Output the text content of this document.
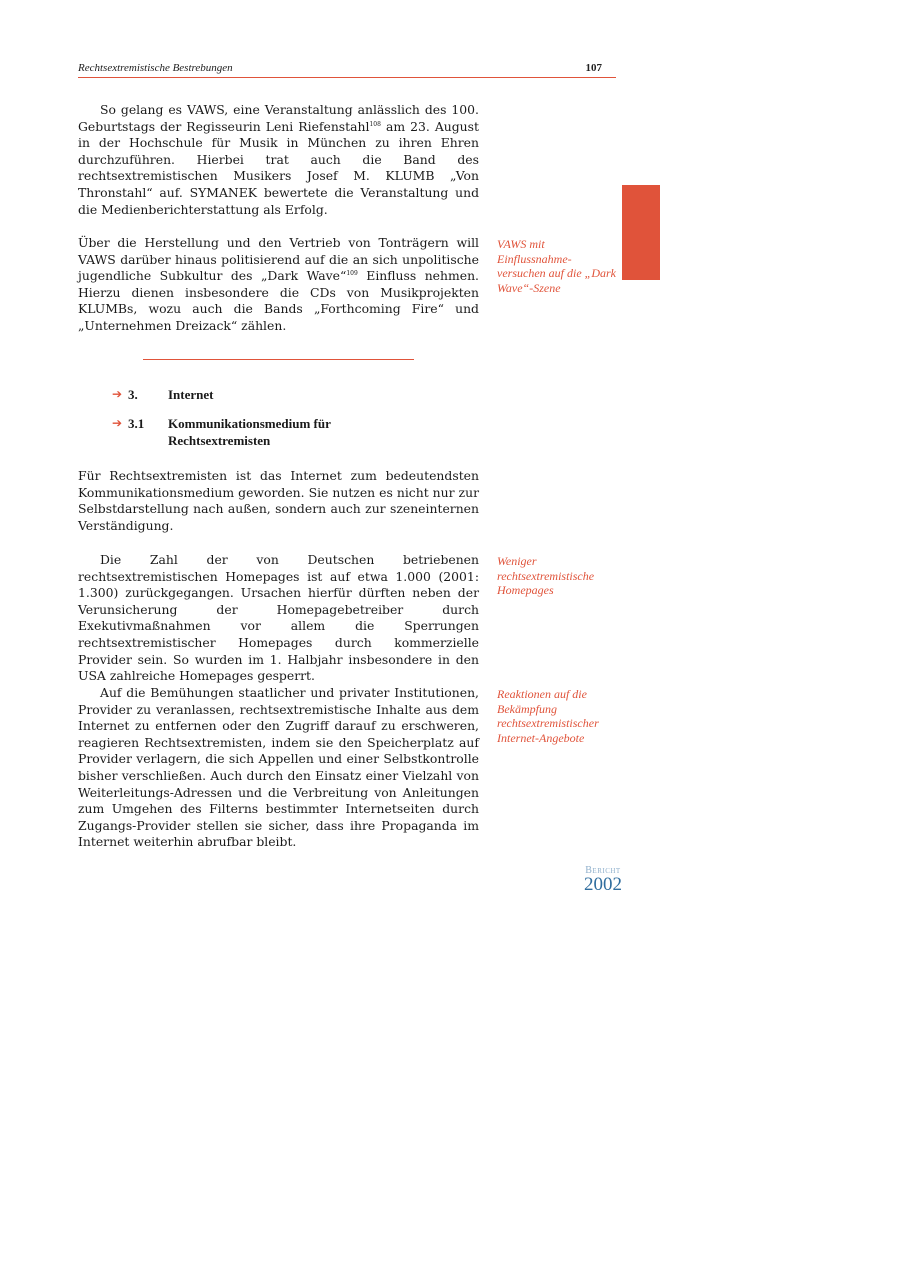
Rechtsextremistische Bestrebungen	107

So gelang es VAWS, eine Veranstaltung anlässlich des 100. Geburtstags der Regisseurin Leni Riefenstahl$^{108}$ am 23. August in der Hochschule für Musik in München zu ihren Ehren durchzuführen. Hierbei trat auch die Band des rechtsextremistischen Musikers Josef M. KLUMB „Von Thronstahl“ auf. SYMANEK bewertete die Veranstaltung und die Medienberichterstattung als Erfolg.

Über die Herstellung und den Vertrieb von Tonträgern will VAWS darüber hinaus politisierend auf die an sich unpolitische jugendliche Subkultur des „Dark Wave“$^{109}$ Einfluss nehmen. Hierzu dienen insbesondere die CDs von Musikprojekten KLUMBs, wozu auch die Bands „Forthcoming Fire“ und „Unternehmen Dreizack“ zählen.

➔ 3. Internet
➔ 3.1 Kommunikationsmedium für Rechtsextremisten

Für Rechtsextremisten ist das Internet zum bedeutendsten Kommunikationsmedium geworden. Sie nutzen es nicht nur zur Selbstdarstellung nach außen, sondern auch zur szeneinternen Verständigung.

Die Zahl der von Deutschen betriebenen rechtsextremistischen Homepages ist auf etwa 1.000 (2001: 1.300) zurückgegangen. Ursachen hierfür dürften neben der Verunsicherung der Homepagebetreiber durch Exekutivmaßnahmen vor allem die Sperrungen rechtsextremistischer Homepages durch kommerzielle Provider sein. So wurden im 1. Halbjahr insbesondere in den USA zahlreiche Homepages gesperrt.

Auf die Bemühungen staatlicher und privater Institutionen, Provider zu veranlassen, rechtsextremistische Inhalte aus dem Internet zu entfernen oder den Zugriff darauf zu erschweren, reagieren Rechtsextremisten, indem sie den Speicherplatz auf Provider verlagern, die sich Appellen und einer Selbstkontrolle bisher verschließen. Auch durch den Einsatz einer Vielzahl von Weiterleitungs-Adressen und die Verbreitung von Anleitungen zum Umgehen des Filterns bestimmter Internetseiten durch Zugangs-Provider stellen sie sicher, dass ihre Propaganda im Internet weiterhin abrufbar bleibt.

VAWS mit Einflussnahme-versuchen auf die „Dark Wave“-Szene
Weniger rechtsextremistische Homepages
Reaktionen auf die Bekämpfung rechtsextremistischer Internet-Angebote
Bericht
2002
